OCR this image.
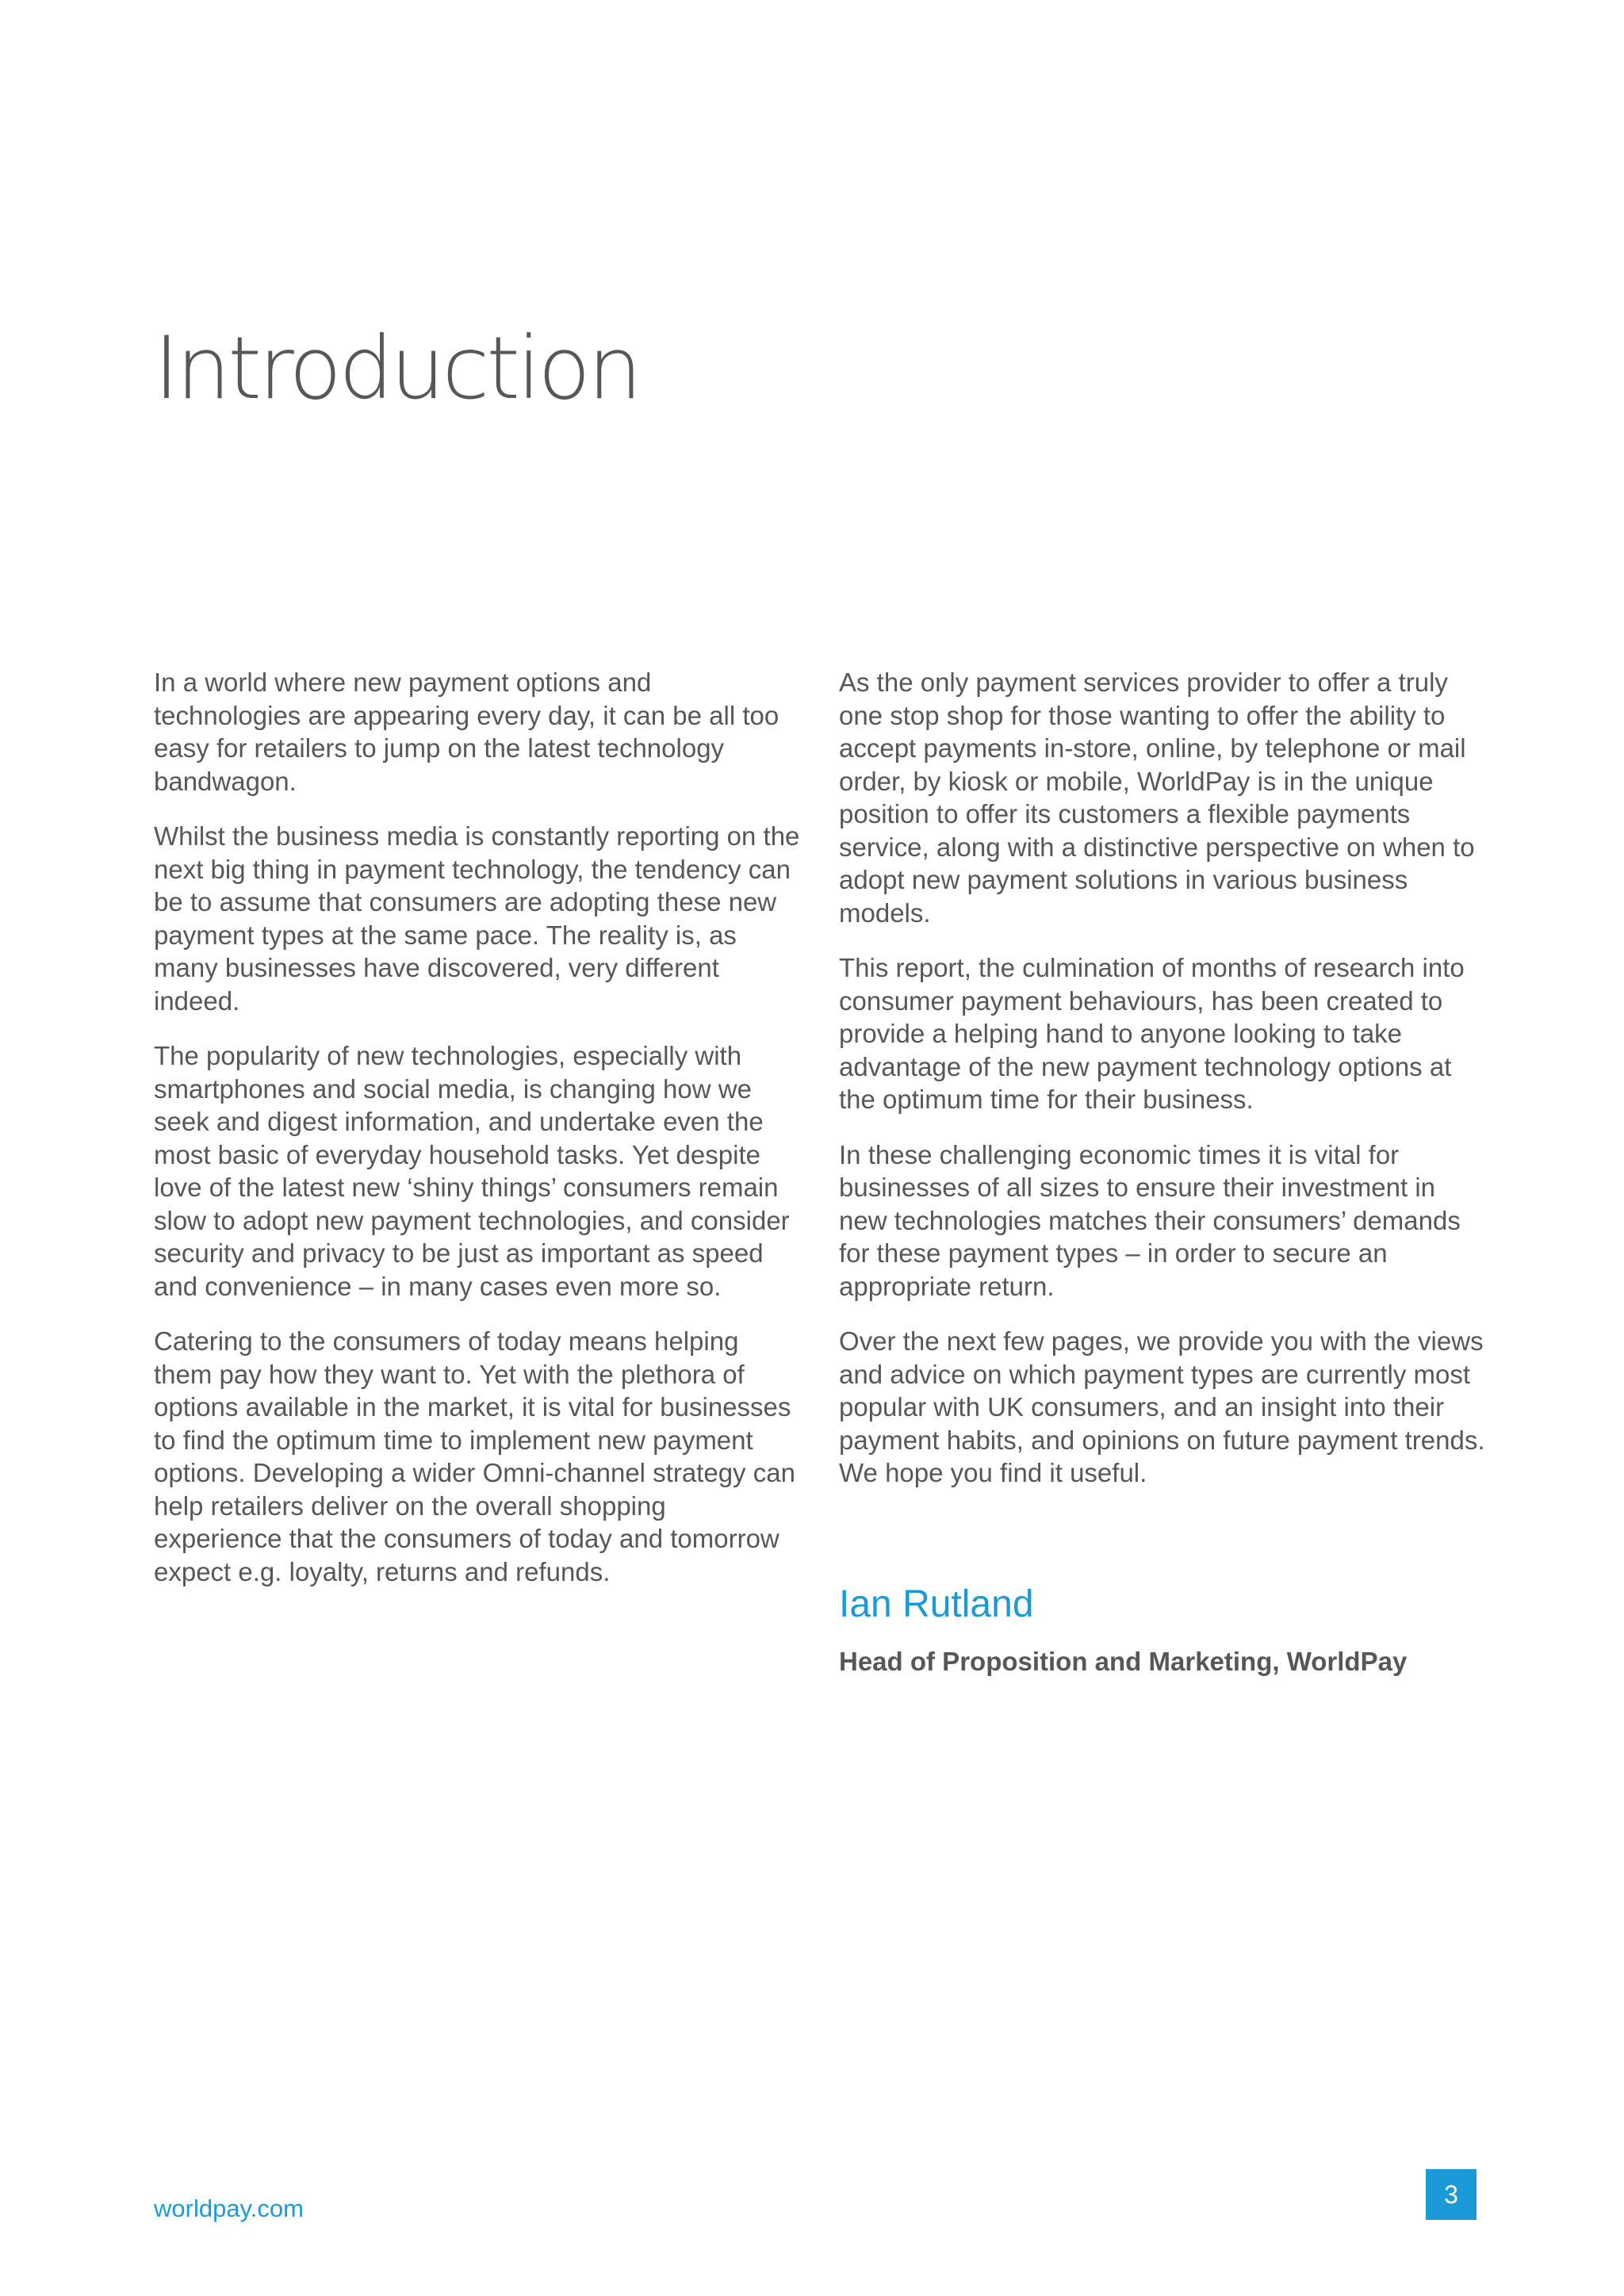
Introduction

In a world where new payment options and technologies are appearing every day, it can be all too easy for retailers to jump on the latest technology bandwagon.

Whilst the business media is constantly reporting on the next big thing in payment technology, the tendency can be to assume that consumers are adopting these new payment types at the same pace. The reality is, as many businesses have discovered, very different indeed.

The popularity of new technologies, especially with smartphones and social media, is changing how we seek and digest information, and undertake even the most basic of everyday household tasks. Yet despite love of the latest new ‘shiny things’ consumers remain slow to adopt new payment technologies, and consider security and privacy to be just as important as speed and convenience – in many cases even more so.

Catering to the consumers of today means helping them pay how they want to. Yet with the plethora of options available in the market, it is vital for businesses to find the optimum time to implement new payment options. Developing a wider Omni-channel strategy can help retailers deliver on the overall shopping experience that the consumers of today and tomorrow expect e.g. loyalty, returns and refunds.

As the only payment services provider to offer a truly one stop shop for those wanting to offer the ability to accept payments in-store, online, by telephone or mail order, by kiosk or mobile, WorldPay is in the unique position to offer its customers a flexible payments service, along with a distinctive perspective on when to adopt new payment solutions in various business models.

This report, the culmination of months of research into consumer payment behaviours, has been created to provide a helping hand to anyone looking to take advantage of the new payment technology options at the optimum time for their business.

In these challenging economic times it is vital for businesses of all sizes to ensure their investment in new technologies matches their consumers’ demands for these payment types – in order to secure an appropriate return.

Over the next few pages, we provide you with the views and advice on which payment types are currently most popular with UK consumers, and an insight into their payment habits, and opinions on future payment trends. We hope you find it useful.

Ian Rutland

Head of Proposition and Marketing, WorldPay

worldpay.com	3
